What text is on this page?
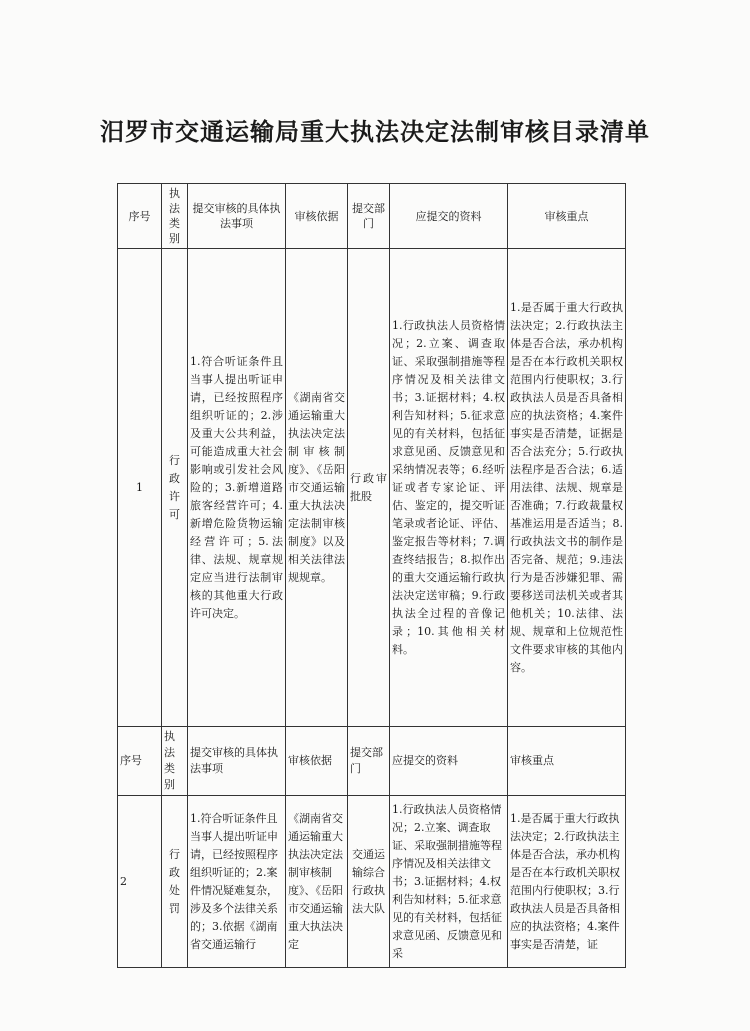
汨罗市交通运输局重大执法决定法制审核目录清单
序号	执法类别	提交审核的具体执法事项	审核依据	提交部门	应提交的资料	审核重点
1	行政许可	1.符合听证条件且当事人提出听证申请，已经按照程序组织听证的；2.涉及重大公共利益，可能造成重大社会影响或引发社会风险的；3.新增道路旅客经营许可；4.新增危险货物运输经营许可；5.法律、法规、规章规定应当进行法制审核的其他重大行政许可决定。	《湖南省交通运输重大执法决定法制审核制度》、《岳阳市交通运输重大执法决定法制审核制度》以及相关法律法规规章。	行政审批股	1.行政执法人员资格情况；2.立案、调查取证、采取强制措施等程序情况及相关法律文书；3.证据材料；4.权利告知材料；5.征求意见的有关材料，包括征求意见函、反馈意见和采纳情况表等；6.经听证或者专家论证、评估、鉴定的，提交听证笔录或者论证、评估、鉴定报告等材料；7.调查终结报告；8.拟作出的重大交通运输行政执法决定送审稿；9.行政执法全过程的音像记录；10.其他相关材料。	1.是否属于重大行政执法决定；2.行政执法主体是否合法，承办机构是否在本行政机关职权范围内行使职权；3.行政执法人员是否具备相应的执法资格；4.案件事实是否清楚，证据是否合法充分；5.行政执法程序是否合法；6.适用法律、法规、规章是否准确；7.行政裁量权基准运用是否适当；8.行政执法文书的制作是否完备、规范；9.违法行为是否涉嫌犯罪、需要移送司法机关或者其他机关；10.法律、法规、规章和上位规范性文件要求审核的其他内容。
序号	执法类别	提交审核的具体执法事项	审核依据	提交部门	应提交的资料	审核重点
2	行政处罚	1.符合听证条件且当事人提出听证申请，已经按照程序组织听证的；2.案件情况疑难复杂，涉及多个法律关系的；3.依据《湖南省交通运输行	《湖南省交通运输重大执法决定法制审核制度》、《岳阳市交通运输重大执法决定	交通运输综合行政执法大队	1.行政执法人员资格情况；2.立案、调查取证、采取强制措施等程序情况及相关法律文书；3.证据材料；4.权利告知材料；5.征求意见的有关材料，包括征求意见函、反馈意见和采	1.是否属于重大行政执法决定；2.行政执法主体是否合法，承办机构是否在本行政机关职权范围内行使职权；3.行政执法人员是否具备相应的执法资格；4.案件事实是否清楚，证
